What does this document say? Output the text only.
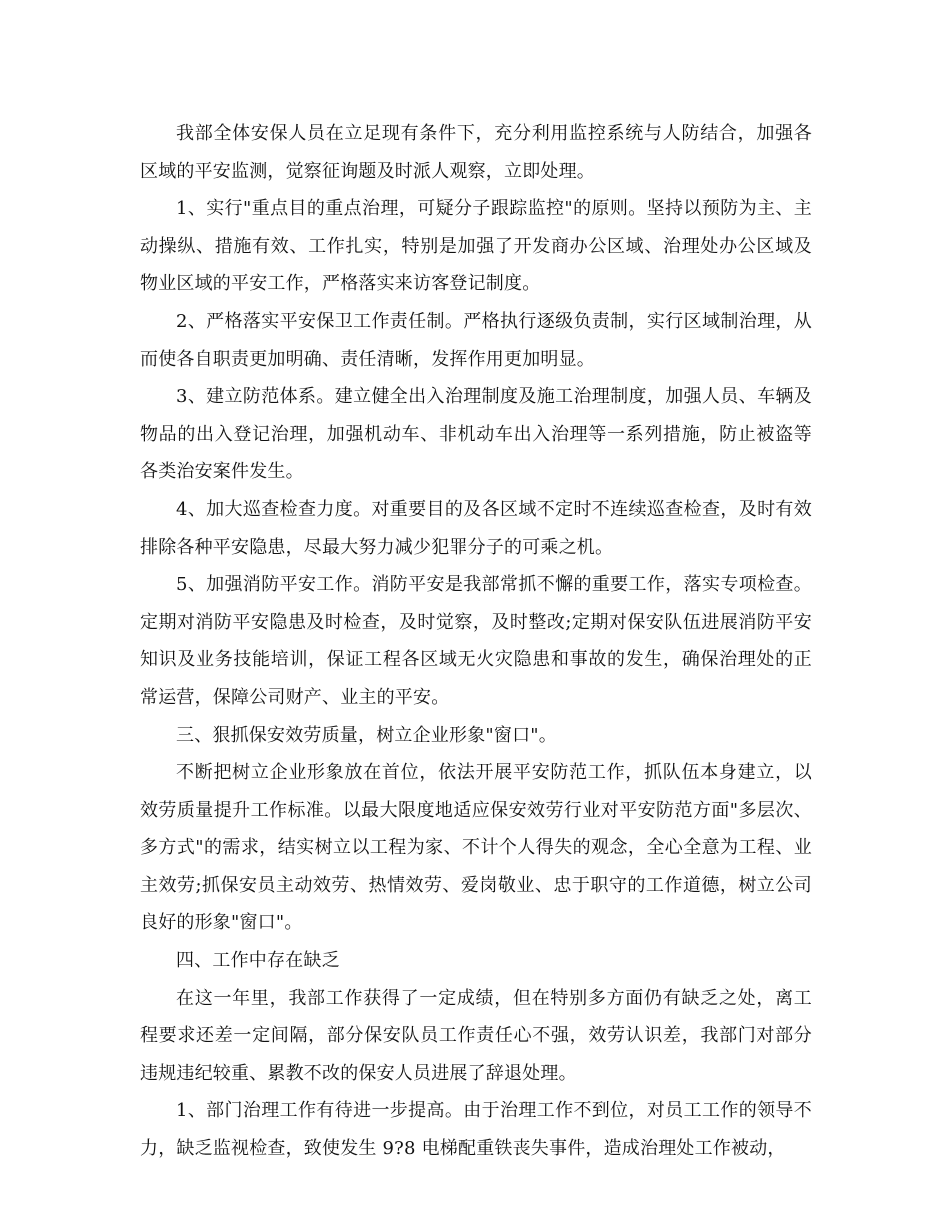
我部全体安保人员在立足现有条件下，充分利用监控系统与人防结合，加强各区域的平安监测，觉察征询题及时派人观察，立即处理。

1、实行"重点目的重点治理，可疑分子跟踪监控"的原则。坚持以预防为主、主动操纵、措施有效、工作扎实，特别是加强了开发商办公区域、治理处办公区域及物业区域的平安工作，严格落实来访客登记制度。

2、严格落实平安保卫工作责任制。严格执行逐级负责制，实行区域制治理，从而使各自职责更加明确、责任清晰，发挥作用更加明显。

3、建立防范体系。建立健全出入治理制度及施工治理制度，加强人员、车辆及物品的出入登记治理，加强机动车、非机动车出入治理等一系列措施，防止被盗等各类治安案件发生。

4、加大巡查检查力度。对重要目的及各区域不定时不连续巡查检查，及时有效排除各种平安隐患，尽最大努力减少犯罪分子的可乘之机。

5、加强消防平安工作。消防平安是我部常抓不懈的重要工作，落实专项检查。定期对消防平安隐患及时检查，及时觉察，及时整改;定期对保安队伍进展消防平安知识及业务技能培训，保证工程各区域无火灾隐患和事故的发生，确保治理处的正常运营，保障公司财产、业主的平安。

三、狠抓保安效劳质量，树立企业形象"窗口"。

不断把树立企业形象放在首位，依法开展平安防范工作，抓队伍本身建立，以效劳质量提升工作标准。以最大限度地适应保安效劳行业对平安防范方面"多层次、多方式"的需求，结实树立以工程为家、不计个人得失的观念，全心全意为工程、业主效劳;抓保安员主动效劳、热情效劳、爱岗敬业、忠于职守的工作道德，树立公司良好的形象"窗口"。

四、工作中存在缺乏

在这一年里，我部工作获得了一定成绩，但在特别多方面仍有缺乏之处，离工程要求还差一定间隔，部分保安队员工作责任心不强，效劳认识差，我部门对部分违规违纪较重、累教不改的保安人员进展了辞退处理。

1、部门治理工作有待进一步提高。由于治理工作不到位，对员工工作的领导不力，缺乏监视检查，致使发生 9?8 电梯配重铁丧失事件，造成治理处工作被动，
